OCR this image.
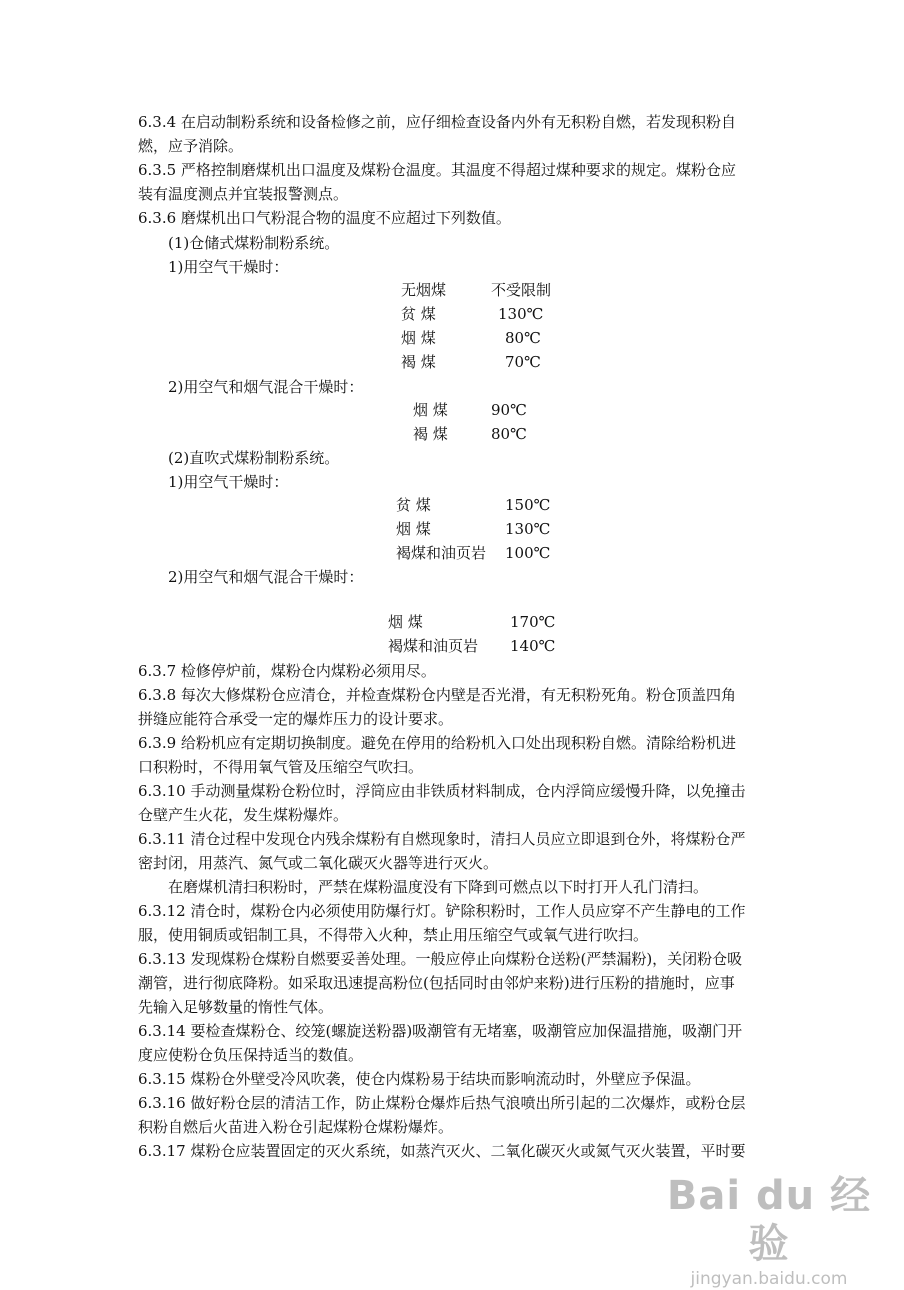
6.3.4 在启动制粉系统和设备检修之前，应仔细检查设备内外有无积粉自燃，若发现积粉自

燃，应予消除。

6.3.5 严格控制磨煤机出口温度及煤粉仓温度。其温度不得超过煤种要求的规定。煤粉仓应

装有温度测点并宜装报警测点。

6.3.6 磨煤机出口气粉混合物的温度不应超过下列数值。

(1)仓储式煤粉制粉系统。

1)用空气干燥时：

无烟煤	不受限制
贫 煤	130℃
烟 煤	80℃
褐 煤	70℃

2)用空气和烟气混合干燥时：

烟 煤	90℃
褐 煤	80℃

(2)直吹式煤粉制粉系统。

1)用空气干燥时：

贫 煤	150℃
烟 煤	130℃
褐煤和油页岩 100℃

2)用空气和烟气混合干燥时：

烟 煤	170℃
褐煤和油页岩 140℃

6.3.7 检修停炉前，煤粉仓内煤粉必须用尽。

6.3.8 每次大修煤粉仓应清仓，并检查煤粉仓内壁是否光滑，有无积粉死角。粉仓顶盖四角

拼缝应能符合承受一定的爆炸压力的设计要求。

6.3.9 给粉机应有定期切换制度。避免在停用的给粉机入口处出现积粉自燃。清除给粉机进

口积粉时，不得用氧气管及压缩空气吹扫。

6.3.10 手动测量煤粉仓粉位时，浮筒应由非铁质材料制成，仓内浮筒应缓慢升降，以免撞击

仓壁产生火花，发生煤粉爆炸。

6.3.11 清仓过程中发现仓内残余煤粉有自燃现象时，清扫人员应立即退到仓外，将煤粉仓严

密封闭，用蒸汽、氮气或二氧化碳灭火器等进行灭火。

在磨煤机清扫积粉时，严禁在煤粉温度没有下降到可燃点以下时打开人孔门清扫。

6.3.12 清仓时，煤粉仓内必须使用防爆行灯。铲除积粉时，工作人员应穿不产生静电的工作

服，使用铜质或铝制工具，不得带入火种，禁止用压缩空气或氧气进行吹扫。

6.3.13 发现煤粉仓煤粉自燃要妥善处理。一般应停止向煤粉仓送粉(严禁漏粉)，关闭粉仓吸

潮管，进行彻底降粉。如采取迅速提高粉位(包括同时由邻炉来粉)进行压粉的措施时，应事

先输入足够数量的惰性气体。

6.3.14 要检查煤粉仓、绞笼(螺旋送粉器)吸潮管有无堵塞，吸潮管应加保温措施，吸潮门开

度应使粉仓负压保持适当的数值。

6.3.15 煤粉仓外壁受冷风吹袭，使仓内煤粉易于结块而影响流动时，外壁应予保温。

6.3.16 做好粉仓层的清洁工作，防止煤粉仓爆炸后热气浪喷出所引起的二次爆炸，或粉仓层

积粉自燃后火苗进入粉仓引起煤粉仓煤粉爆炸。

6.3.17 煤粉仓应装置固定的灭火系统，如蒸汽灭火、二氧化碳灭火或氮气灭火装置，平时要

Bai du 经验
jingyan.baidu.com
